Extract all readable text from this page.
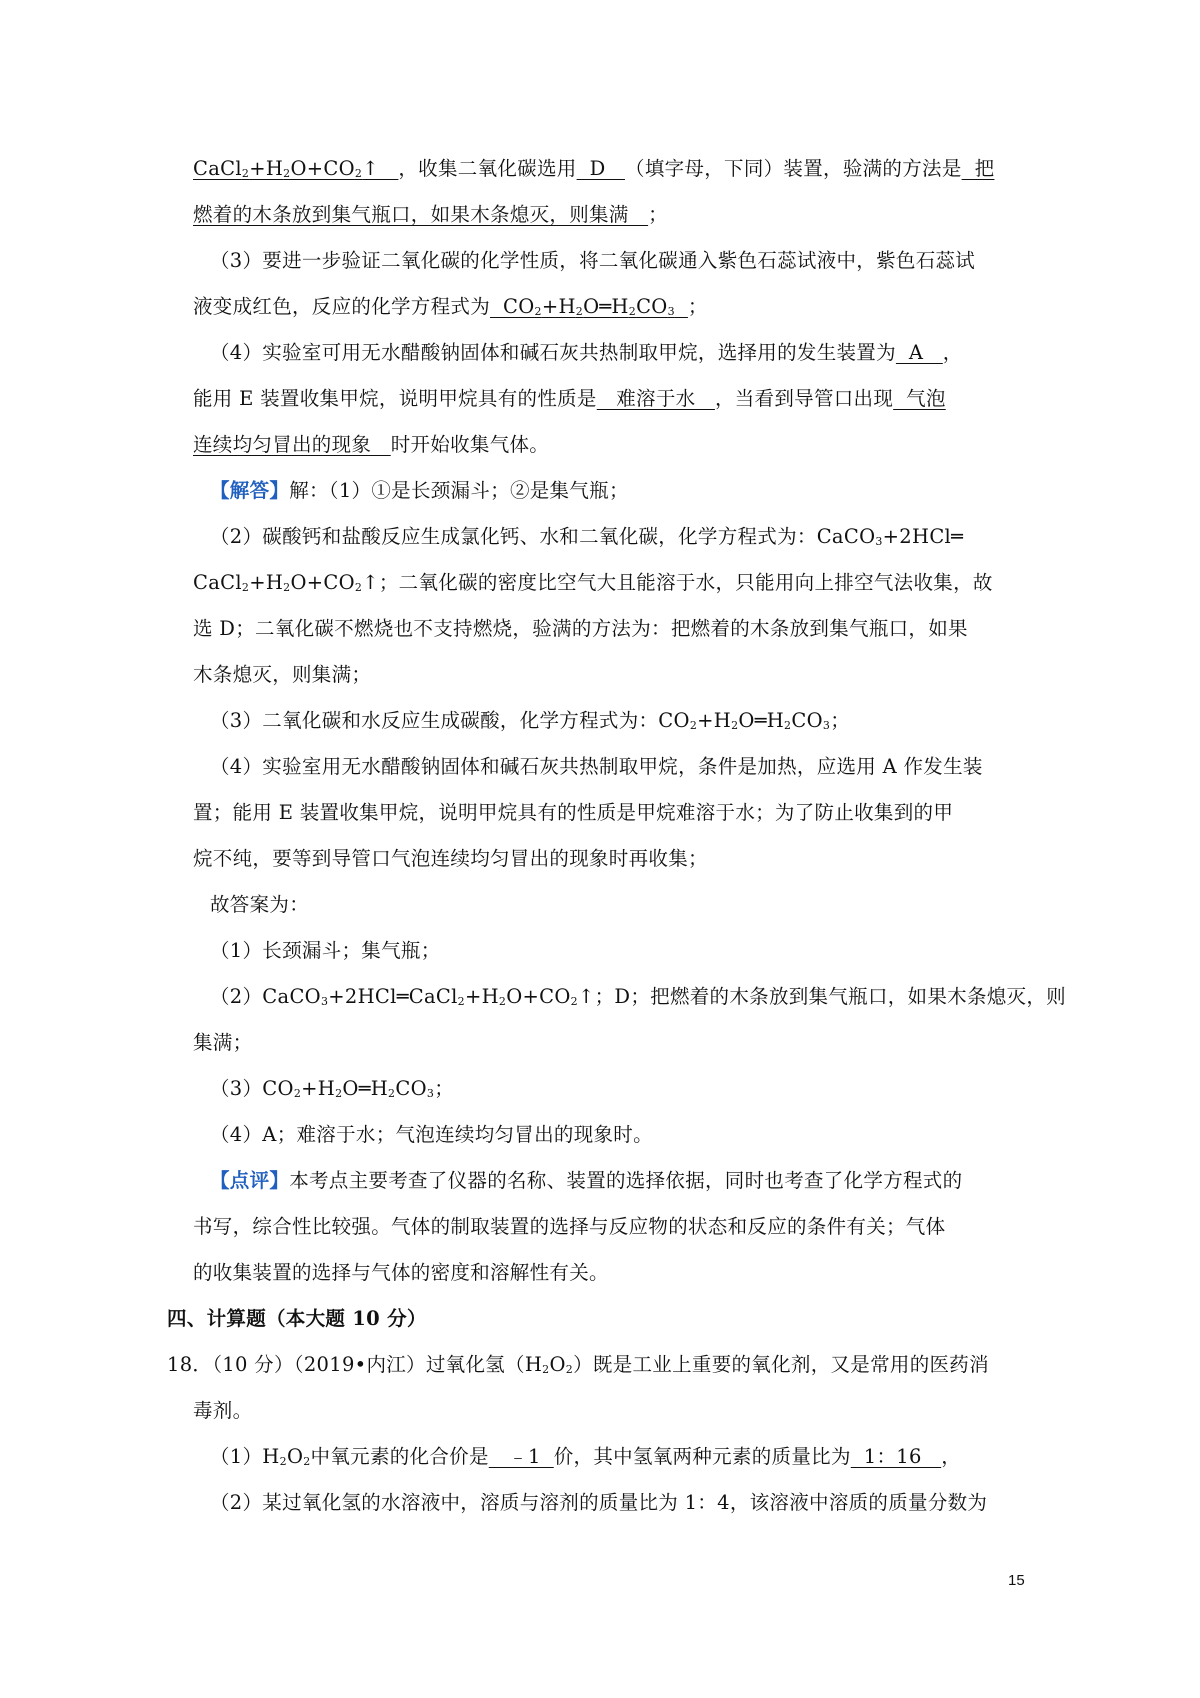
$CaCl_2+H_2O+CO_2↑$   ，收集二氧化碳选用  D   （填字母，下同）装置，验满的方法是  把
燃着的木条放到集气瓶口，如果木条熄灭，则集满   ；
（3）要进一步验证二氧化碳的化学性质，将二氧化碳通入紫色石蕊试液中，紫色石蕊试
液变成红色，反应的化学方程式为  $CO_2+H_2O═H_2CO_3$ ；
（4）实验室可用无水醋酸钠固体和碱石灰共热制取甲烷，选择用的发生装置为  A   ，
能用 E 装置收集甲烷，说明甲烷具有的性质是   难溶于水   ，当看到导管口出现  气泡
连续均匀冒出的现象   时开始收集气体。
【解答】解：（1）①是长颈漏斗；②是集气瓶；
（2）碳酸钙和盐酸反应生成氯化钙、水和二氧化碳，化学方程式为：CaCO$_3$+2HCl═
$CaCl_2+H_2O+CO_2↑$；二氧化碳的密度比空气大且能溶于水，只能用向上排空气法收集，故
选 D；二氧化碳不燃烧也不支持燃烧，验满的方法为：把燃着的木条放到集气瓶口，如果
木条熄灭，则集满；
（3）二氧化碳和水反应生成碳酸，化学方程式为：$CO_2+H_2O═H_2CO_3$；
（4）实验室用无水醋酸钠固体和碱石灰共热制取甲烷，条件是加热，应选用 A 作发生装
置；能用 E 装置收集甲烷，说明甲烷具有的性质是甲烷难溶于水；为了防止收集到的甲
烷不纯，要等到导管口气泡连续均匀冒出的现象时再收集；
故答案为：
（1）长颈漏斗；集气瓶；
$(2)CaCO_3+2HCl═CaCl_2+H_2O+CO_2↑$；D；把燃着的木条放到集气瓶口，如果木条熄灭，则
集满；
$(3)CO_2+H_2O═H_2CO_3$；
（4）A；难溶于水；气泡连续均匀冒出的现象时。
【点评】本考点主要考查了仪器的名称、装置的选择依据，同时也考查了化学方程式的
书写，综合性比较强。气体的制取装置的选择与反应物的状态和反应的条件有关；气体
的收集装置的选择与气体的密度和溶解性有关。
四、计算题（本大题 10 分）
18．（10 分）（2019•内江）过氧化氢$(H_2O_2)$既是工业上重要的氧化剂，又是常用的医药消
毒剂。
$(1)H_2O_2$中氧元素的化合价是   ﹣1  价，其中氢氧两种元素的质量比为  1：16   ，
（2）某过氧化氢的水溶液中，溶质与溶剂的质量比为 1：4，该溶液中溶质的质量分数为
15
